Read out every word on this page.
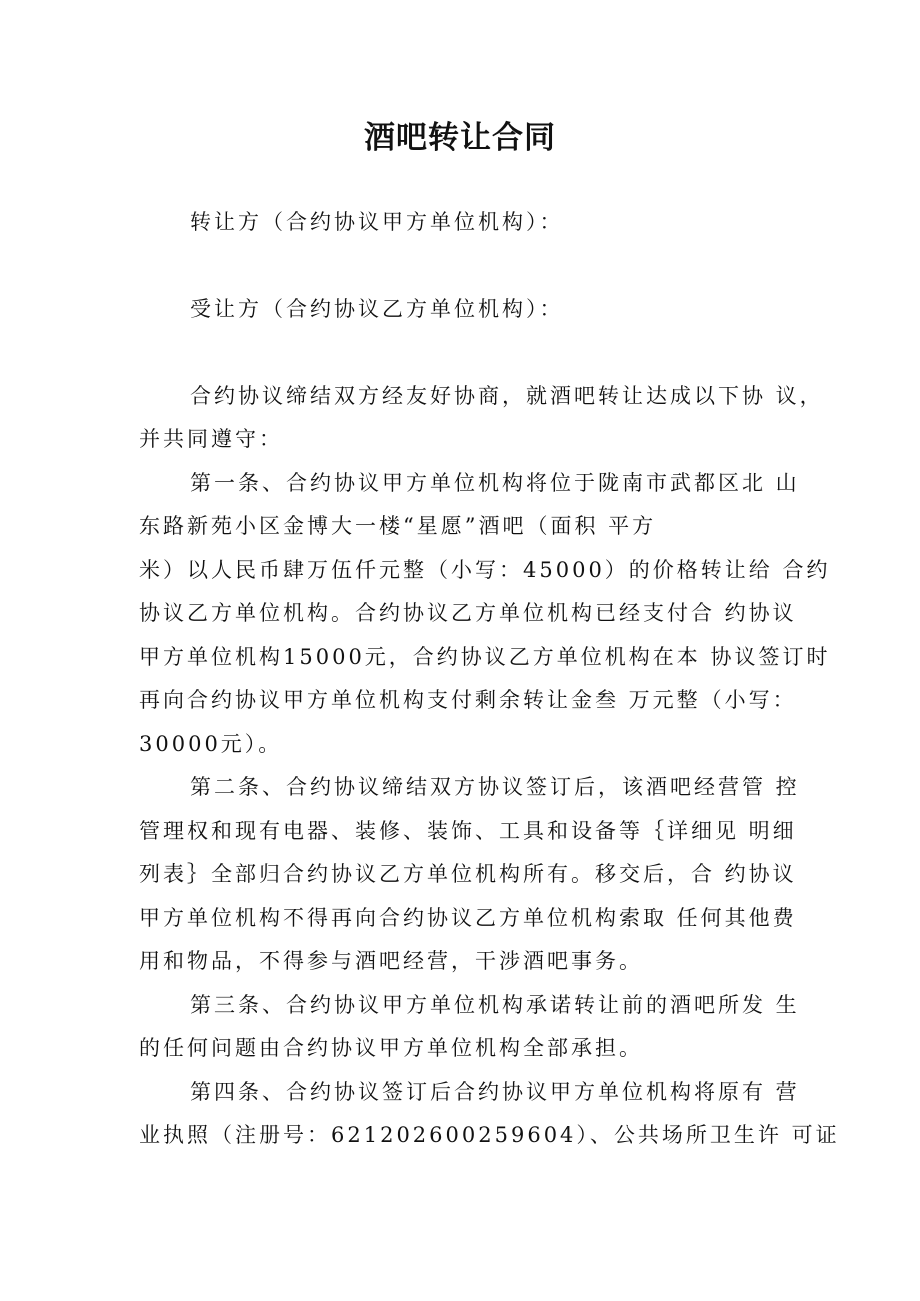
酒吧转让合同
转让方（合约协议甲方单位机构）：
受让方（合约协议乙方单位机构）：
合约协议缔结双方经友好协商，就酒吧转让达成以下协 议，
并共同遵守：
第一条、合约协议甲方单位机构将位于陇南市武都区北 山
东路新苑小区金博大一楼“星愿”酒吧（面积 平方
米）以人民币肆万伍仟元整（小写：45000）的价格转让给 合约
协议乙方单位机构。合约协议乙方单位机构已经支付合 约协议
甲方单位机构15000元，合约协议乙方单位机构在本 协议签订时
再向合约协议甲方单位机构支付剩余转让金叁 万元整（小写：
30000元）。
第二条、合约协议缔结双方协议签订后，该酒吧经营管 控
管理权和现有电器、装修、装饰、工具和设备等｛详细见 明细
列表｝全部归合约协议乙方单位机构所有。移交后，合 约协议
甲方单位机构不得再向合约协议乙方单位机构索取 任何其他费
用和物品，不得参与酒吧经营，干涉酒吧事务。
第三条、合约协议甲方单位机构承诺转让前的酒吧所发 生
的任何问题由合约协议甲方单位机构全部承担。
第四条、合约协议签订后合约协议甲方单位机构将原有 营
业执照（注册号：621202600259604）、公共场所卫生许 可证
